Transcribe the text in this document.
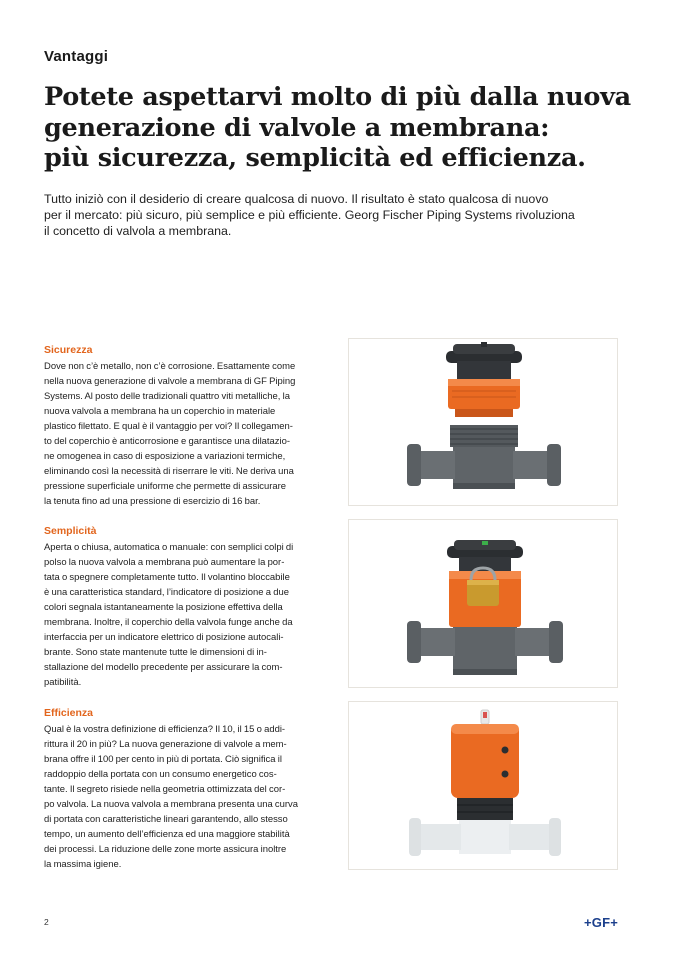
Vantaggi
Potete aspettarvi molto di più dalla nuova
generazione di valvole a membrana:
più sicurezza, semplicità ed efficienza.
Tutto iniziò con il desiderio di creare qualcosa di nuovo. Il risultato è stato qualcosa di nuovo
per il mercato: più sicuro, più semplice e più efficiente. Georg Fischer Piping Systems rivoluziona
il concetto di valvola a membrana.
Sicurezza

Dove non c’è metallo, non c’è corrosione. Esattamente come
nella nuova generazione di valvole a membrana di GF Piping
Systems. Al posto delle tradizionali quattro viti metalliche, la
nuova valvola a membrana ha un coperchio in materiale
plastico filettato. E qual è il vantaggio per voi? Il collegamen-
to del coperchio è anticorrosione e garantisce una dilatazio-
ne omogenea in caso di esposizione a variazioni termiche,
eliminando così la necessità di riserrare le viti. Ne deriva una
pressione superficiale uniforme che permette di assicurare
la tenuta fino ad una pressione di esercizio di 16 bar.

Semplicità

Aperta o chiusa, automatica o manuale: con semplici colpi di
polso la nuova valvola a membrana può aumentare la por-
tata o spegnere completamente tutto. Il volantino bloccabile
è una caratteristica standard, l’indicatore di posizione a due
colori segnala istantaneamente la posizione effettiva della
membrana. Inoltre, il coperchio della valvola funge anche da
interfaccia per un indicatore elettrico di posizione autocali-
brante. Sono state mantenute tutte le dimensioni di in-
stallazione del modello precedente per assicurare la com-
patibilità.

Efficienza

Qual è la vostra definizione di efficienza? Il 10, il 15 o addi-
rittura il 20 in più? La nuova generazione di valvole a mem-
brana offre il 100 per cento in più di portata. Ciò significa il
raddoppio della portata con un consumo energetico cos-
tante. Il segreto risiede nella geometria ottimizzata del cor-
po valvola. La nuova valvola a membrana presenta una curva
di portata con caratteristiche lineari garantendo, allo stesso
tempo, un aumento dell’efficienza ed una maggiore stabilità
dei processi. La riduzione delle zone morte assicura inoltre
la massima igiene.

2	+GF+
